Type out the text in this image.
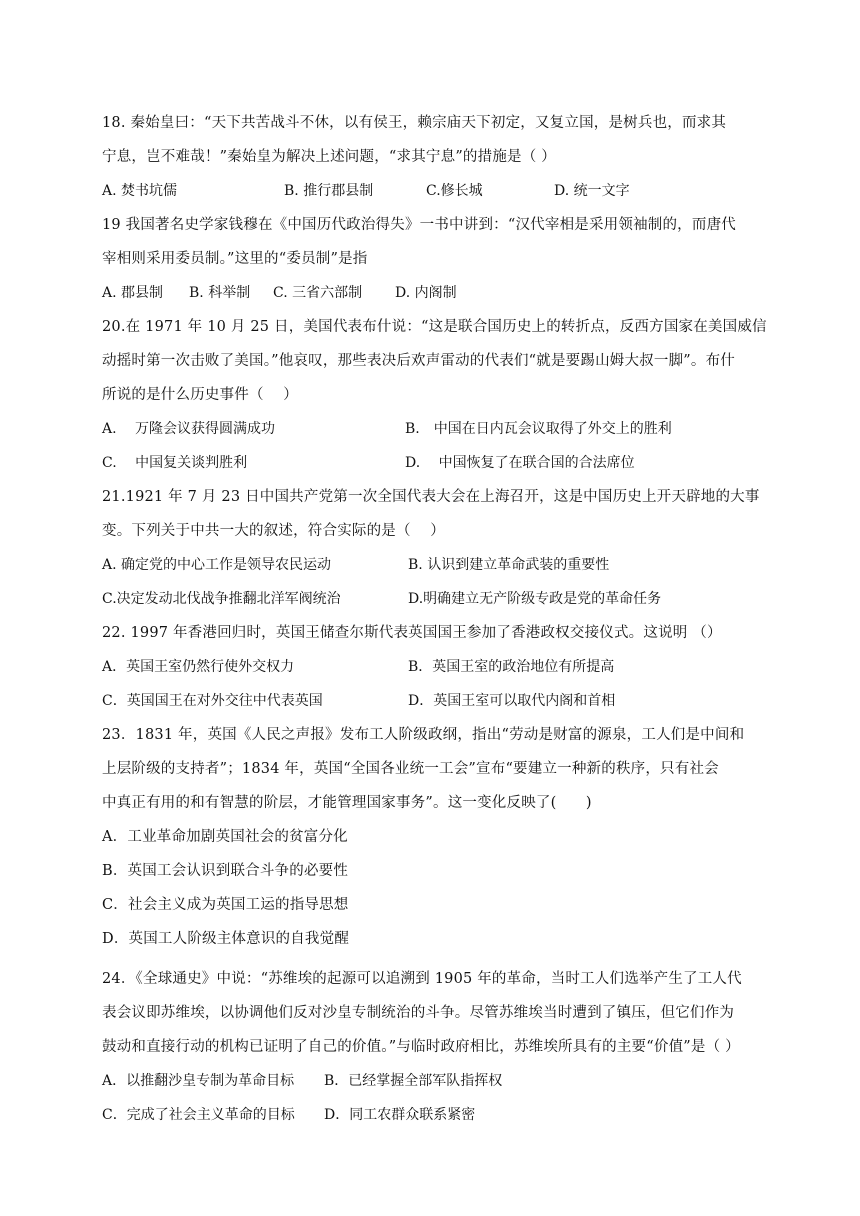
18. 秦始皇曰：“天下共苦战斗不休，以有侯王，赖宗庙天下初定，又复立国，是树兵也，而求其
宁息，岂不难哉！”秦始皇为解决上述问题，“求其宁息”的措施是（ ）
A. 焚书坑儒	B. 推行郡县制	C.修长城	D. 统一文字
19 我国著名史学家钱穆在《中国历代政治得失》一书中讲到：“汉代宰相是采用领袖制的，而唐代
宰相则采用委员制。”这里的“委员制”是指
A. 郡县制	B. 科举制	C. 三省六部制	D. 内阁制
20.在 1971 年 10 月 25 日，美国代表布什说：“这是联合国历史上的转折点，反西方国家在美国威信
动摇时第一次击败了美国。”他哀叹，那些表决后欢声雷动的代表们“就是要踢山姆大叔一脚”。布什
所说的是什么历史事件（　 ）
A.　 万隆会议获得圆满成功	B.　中国在日内瓦会议取得了外交上的胜利
C.　 中国复关谈判胜利	D.　 中国恢复了在联合国的合法席位
21.1921 年 7 月 23 日中国共产党第一次全国代表大会在上海召开，这是中国历史上开天辟地的大事
变。下列关于中共一大的叙述，符合实际的是（　 ）
A. 确定党的中心工作是领导农民运动	B. 认识到建立革命武装的重要性
C.决定发动北伐战争推翻北洋军阀统治	D.明确建立无产阶级专政是党的革命任务
22. 1997 年香港回归时，英国王储查尔斯代表英国国王参加了香港政权交接仪式。这说明 （）
A．英国王室仍然行使外交权力	B．英国王室的政治地位有所提高
C．英国国王在对外交往中代表英国	D．英国王室可以取代内阁和首相
23．1831 年，英国《人民之声报》发布工人阶级政纲，指出“劳动是财富的源泉，工人们是中间和
上层阶级的支持者”；1834 年，英国“全国各业统一工会”宣布“要建立一种新的秩序，只有社会
中真正有用的和有智慧的阶层，才能管理国家事务”。这一变化反映了(　　)
A．工业革命加剧英国社会的贫富分化
B．英国工会认识到联合斗争的必要性
C．社会主义成为英国工运的指导思想
D．英国工人阶级主体意识的自我觉醒
24．《全球通史》中说：“苏维埃的起源可以追溯到 1905 年的革命，当时工人们选举产生了工人代
表会议即苏维埃，以协调他们反对沙皇专制统治的斗争。尽管苏维埃当时遭到了镇压，但它们作为
鼓动和直接行动的机构已证明了自己的价值。”与临时政府相比，苏维埃所具有的主要“价值”是（ ）
A．以推翻沙皇专制为革命目标	B．已经掌握全部军队指挥权
C．完成了社会主义革命的目标	D．同工农群众联系紧密
